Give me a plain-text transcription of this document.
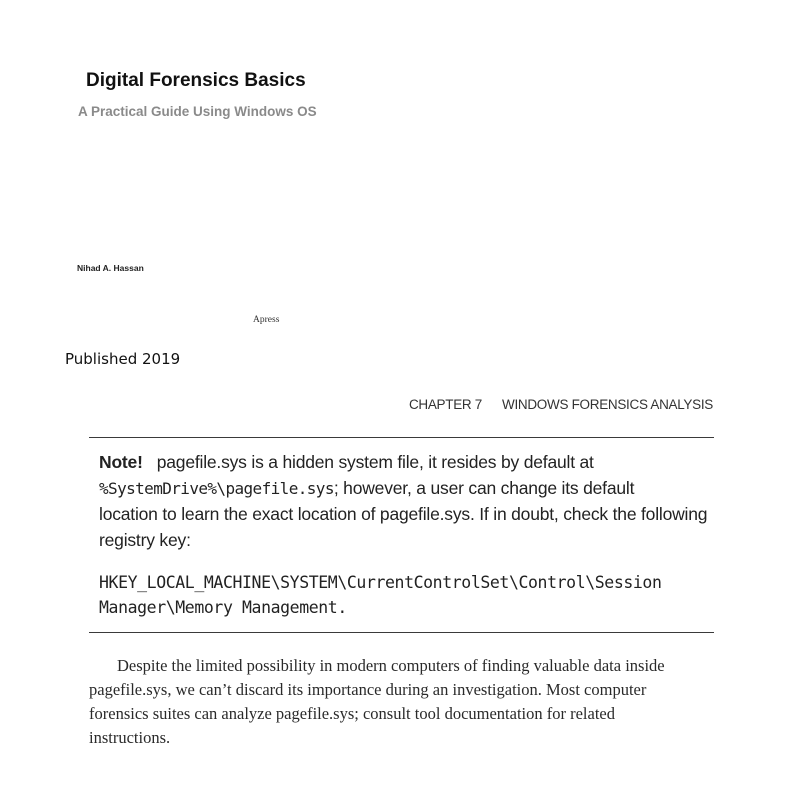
Digital Forensics Basics
A Practical Guide Using Windows OS
Nihad A. Hassan
Apress
Published 2019
CHAPTER 7 WINDOWS FORENSICS ANALYSIS
Note! pagefile.sys is a hidden system file, it resides by default at
%SystemDrive%\pagefile.sys; however, a user can change its default
location to learn the exact location of pagefile.sys. If in doubt, check the following
registry key:
HKEY_LOCAL_MACHINE\SYSTEM\CurrentControlSet\Control\Session
Manager\Memory Management.
Despite the limited possibility in modern computers of finding valuable data inside
pagefile.sys, we can’t discard its importance during an investigation. Most computer
forensics suites can analyze pagefile.sys; consult tool documentation for related
instructions.
